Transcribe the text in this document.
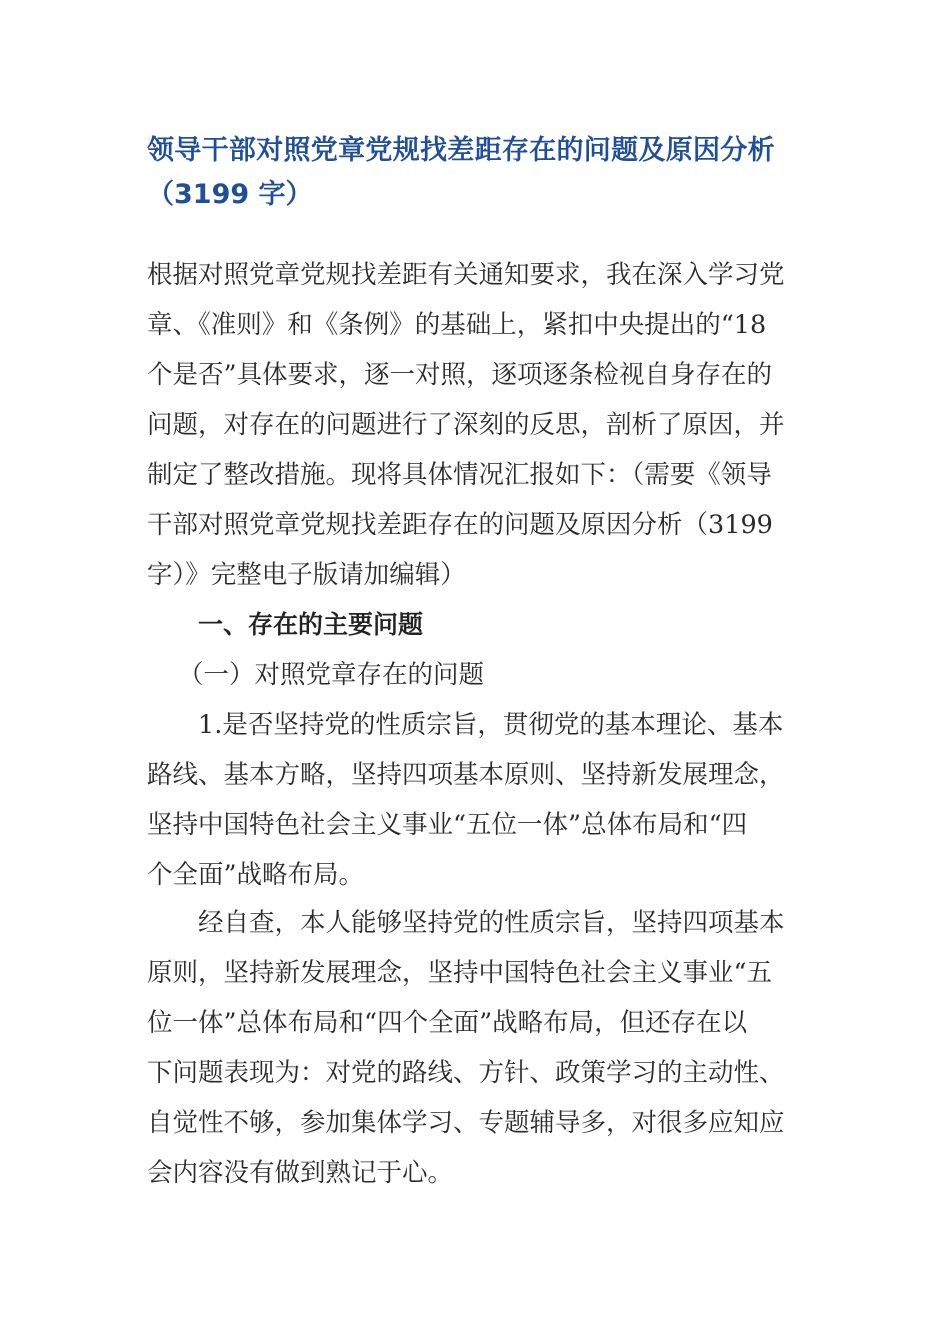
领导干部对照党章党规找差距存在的问题及原因分析
（3199 字）
根据对照党章党规找差距有关通知要求，我在深入学习党
章、《准则》和《条例》的基础上，紧扣中央提出的“18
个是否”具体要求，逐一对照，逐项逐条检视自身存在的
问题，对存在的问题进行了深刻的反思，剖析了原因，并
制定了整改措施。现将具体情况汇报如下：（需要《领导
干部对照党章党规找差距存在的问题及原因分析（3199
字）》完整电子版请加编辑）
一、存在的主要问题
（一）对照党章存在的问题
1.是否坚持党的性质宗旨，贯彻党的基本理论、基本
路线、基本方略，坚持四项基本原则、坚持新发展理念，
坚持中国特色社会主义事业“五位一体”总体布局和“四
个全面”战略布局。
经自查，本人能够坚持党的性质宗旨，坚持四项基本
原则，坚持新发展理念，坚持中国特色社会主义事业“五
位一体”总体布局和“四个全面”战略布局，但还存在以
下问题表现为：对党的路线、方针、政策学习的主动性、
自觉性不够，参加集体学习、专题辅导多，对很多应知应
会内容没有做到熟记于心。
